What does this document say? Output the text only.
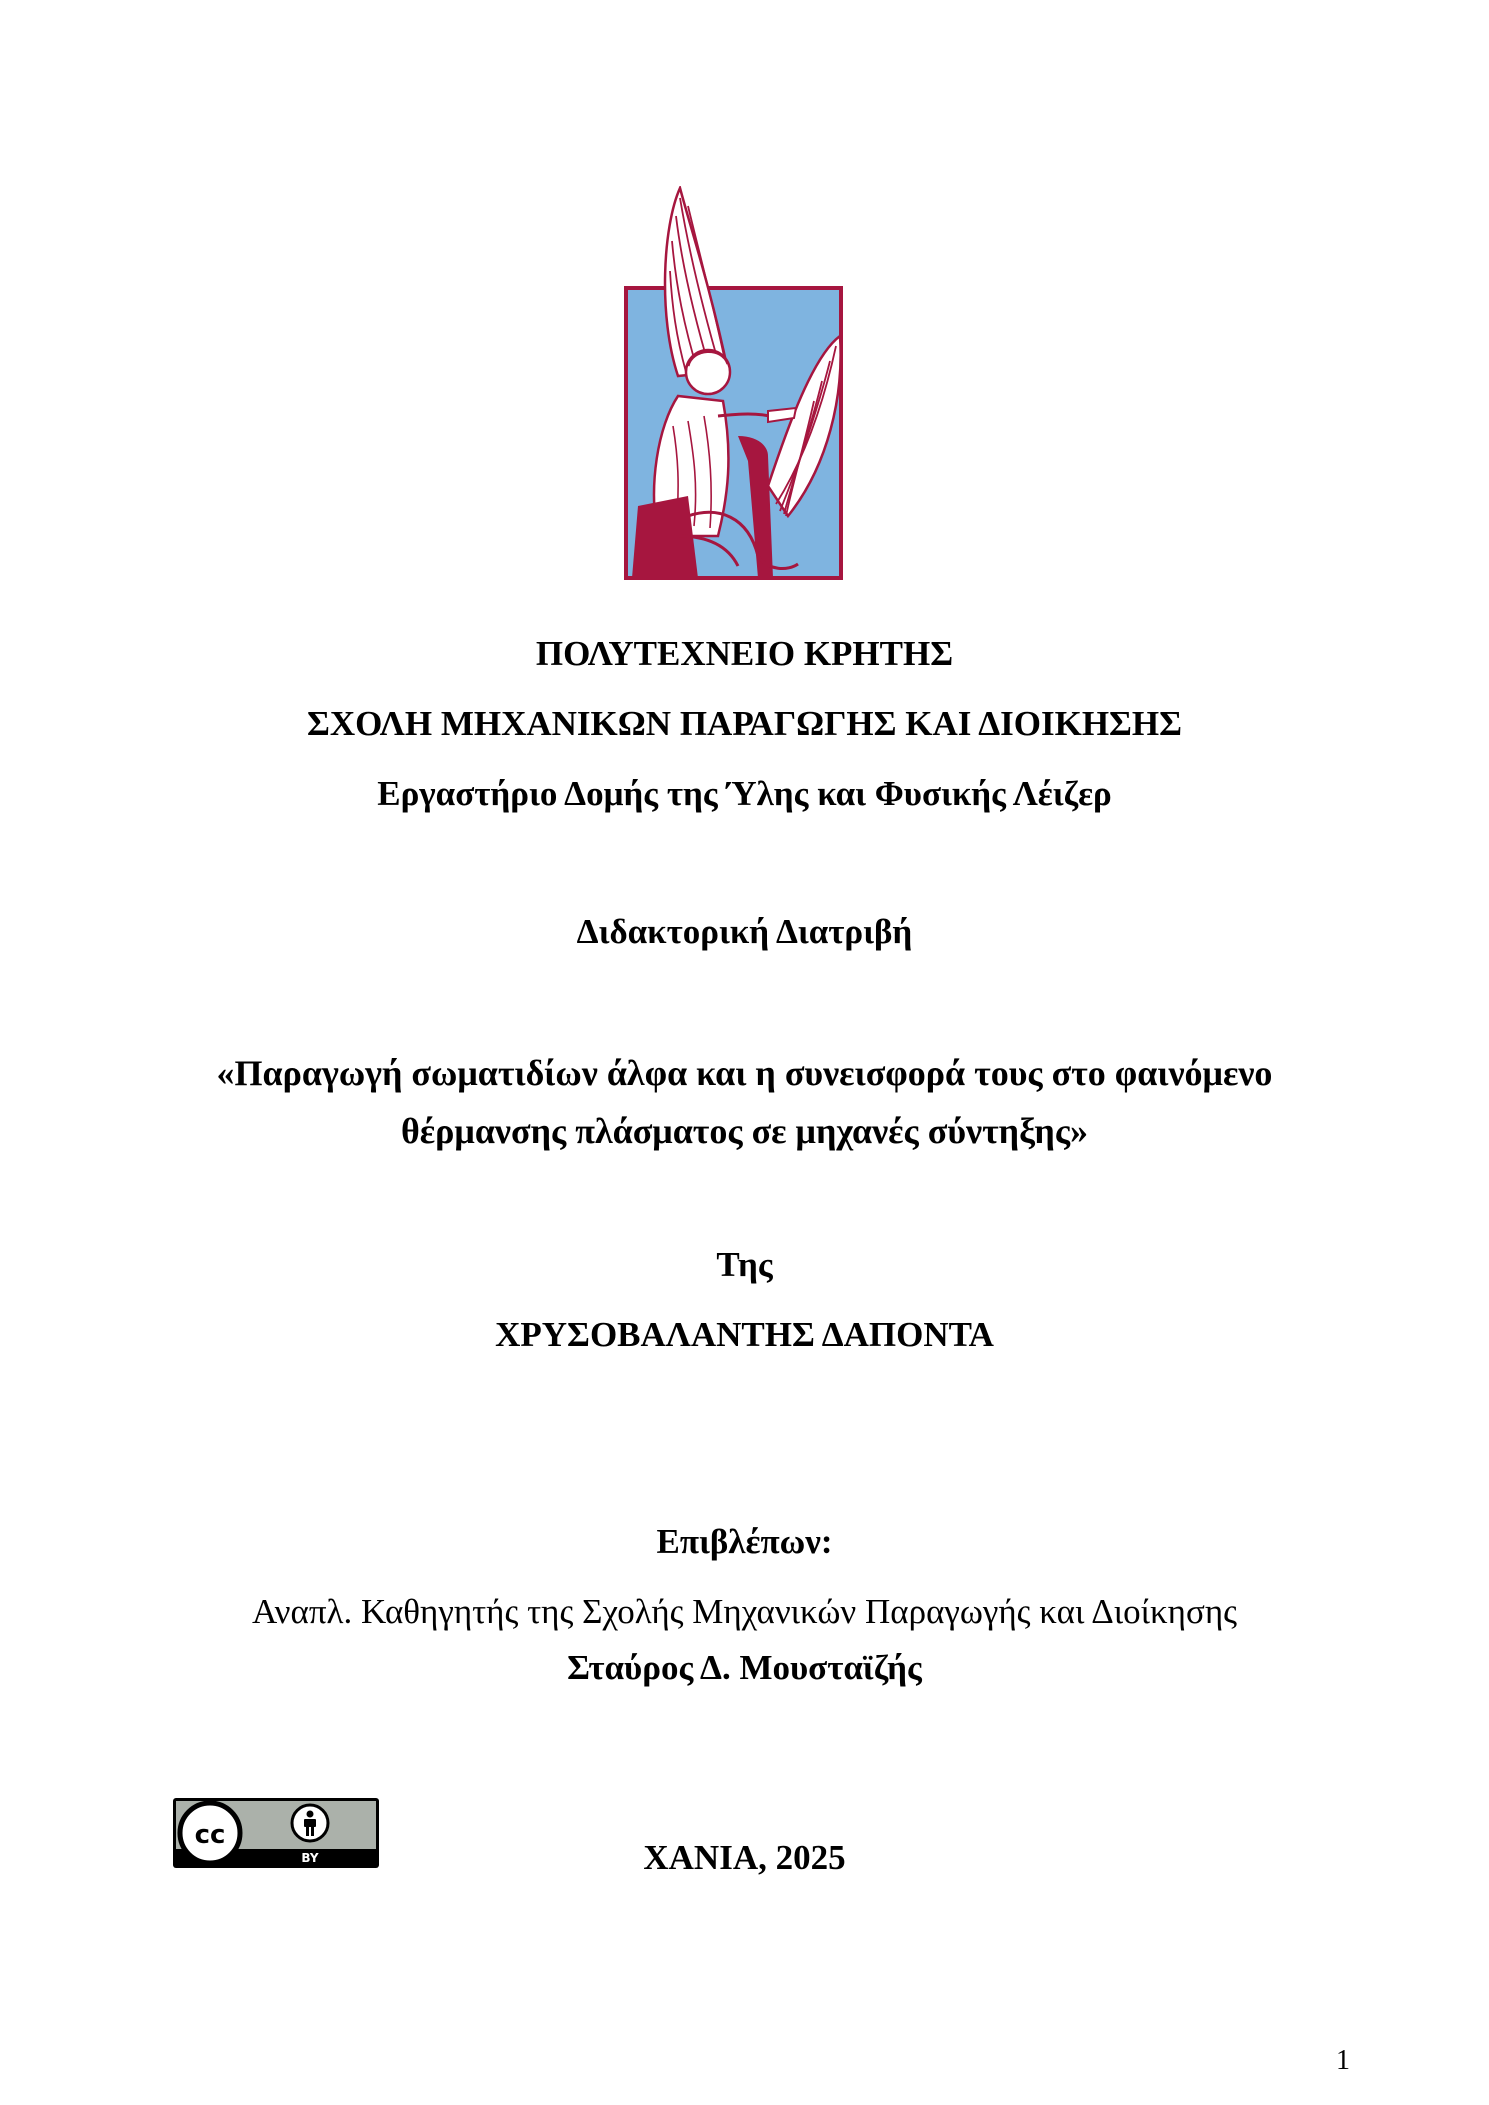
ΠΟΛΥΤΕΧΝΕΙΟ ΚΡΗΤΗΣ
ΣΧΟΛΗ ΜΗΧΑΝΙΚΩΝ ΠΑΡΑΓΩΓΗΣ ΚΑΙ ΔΙΟΙΚΗΣΗΣ
Εργαστήριο Δομής της Ύλης και Φυσικής Λέιζερ
Διδακτορική Διατριβή
«Παραγωγή σωματιδίων άλφα και η συνεισφορά τους στο φαινόμενο
θέρμανσης πλάσματος σε μηχανές σύντηξης»
Της
ΧΡΥΣΟΒΑΛΑΝΤΗΣ ΔΑΠΟΝΤΑ
Επιβλέπων:
Αναπλ. Καθηγητής της Σχολής Μηχανικών Παραγωγής και Διοίκησης
Σταύρος Δ. Μουσταϊζής
cc
BY	ΧΑΝΙΑ, 2025
1
